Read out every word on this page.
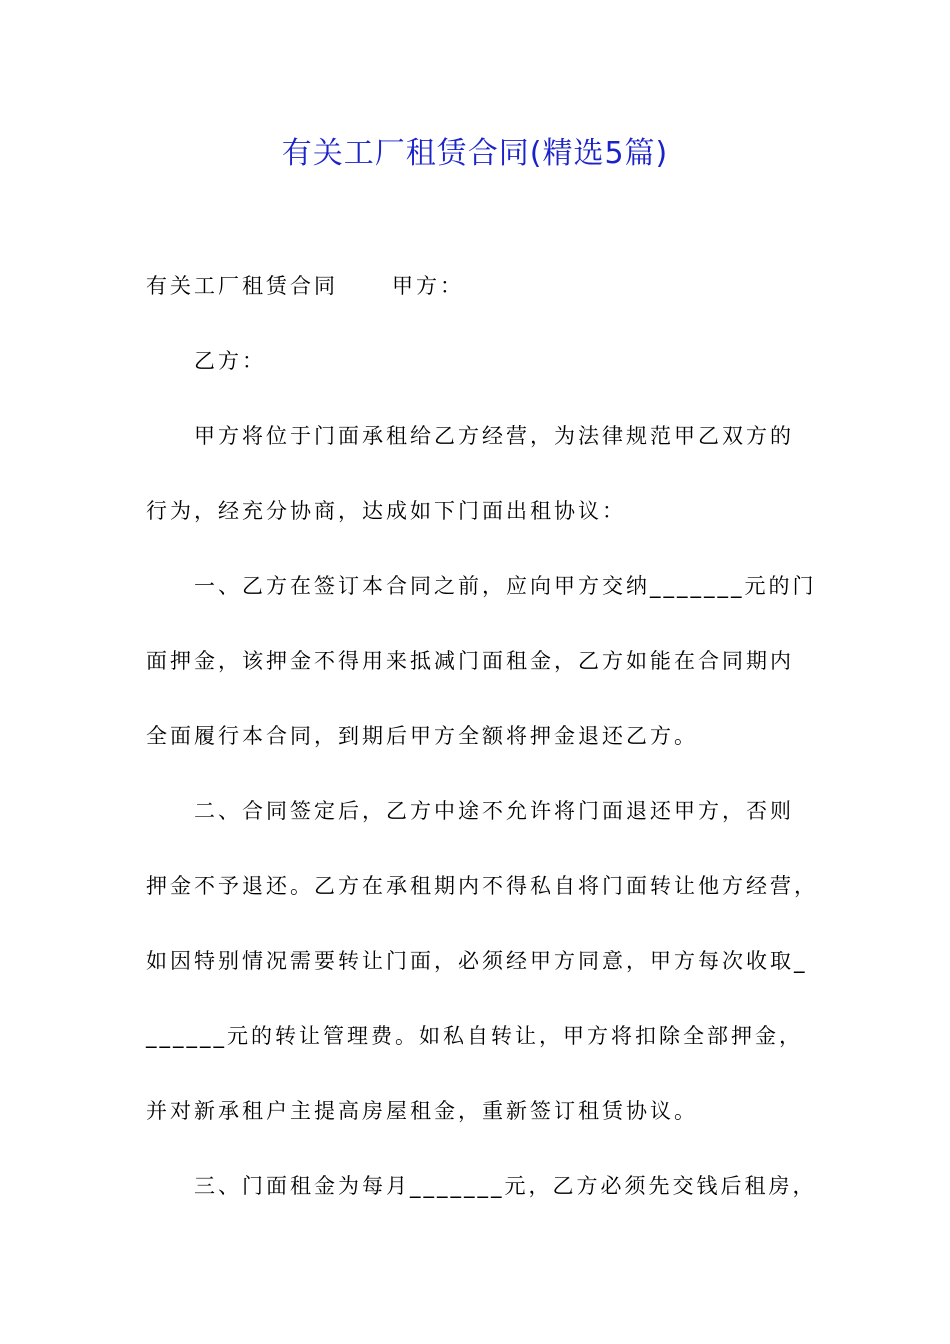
有关工厂租赁合同(精选5篇)
有关工厂租赁合同	甲方：
乙方：
甲方将位于门面承租给乙方经营，为法律规范甲乙双方的
行为，经充分协商，达成如下门面出租协议：
一、乙方在签订本合同之前，应向甲方交纳_______元的门
面押金，该押金不得用来抵减门面租金，乙方如能在合同期内
全面履行本合同，到期后甲方全额将押金退还乙方。
二、合同签定后，乙方中途不允许将门面退还甲方，否则
押金不予退还。乙方在承租期内不得私自将门面转让他方经营，
如因特别情况需要转让门面，必须经甲方同意，甲方每次收取_
______元的转让管理费。如私自转让，甲方将扣除全部押金，
并对新承租户主提高房屋租金，重新签订租赁协议。
三、门面租金为每月_______元，乙方必须先交钱后租房，
